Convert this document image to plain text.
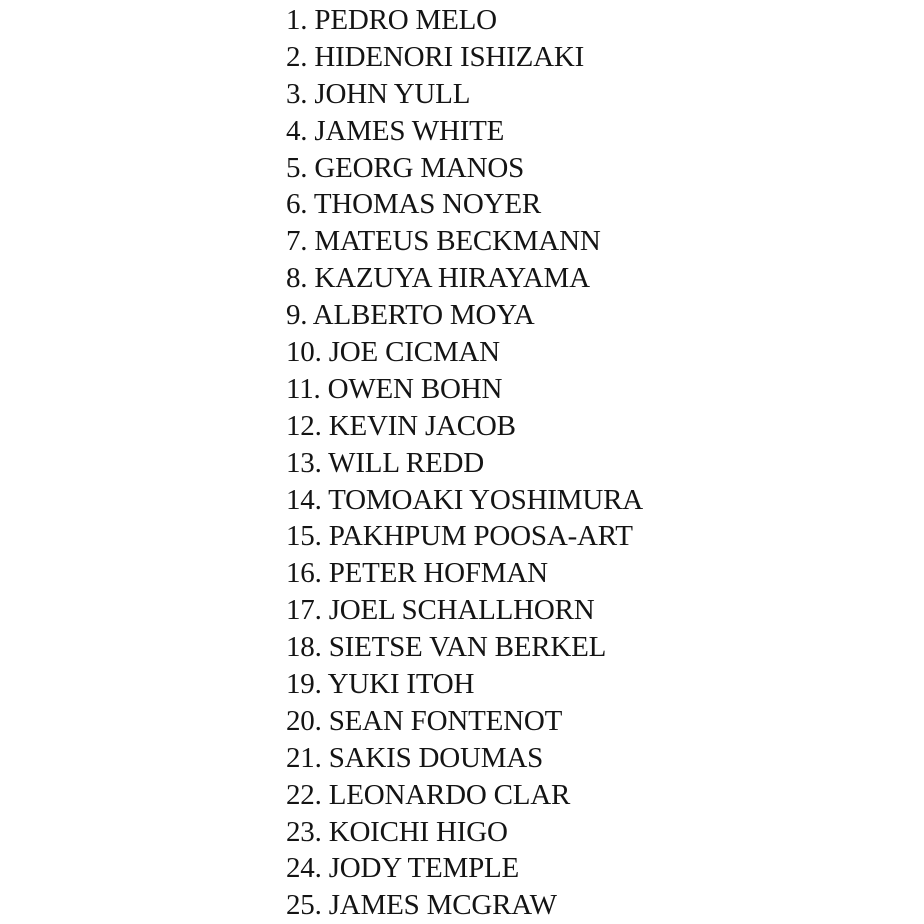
1. PEDRO MELO
2. HIDENORI ISHIZAKI
3. JOHN YULL
4. JAMES WHITE
5. GEORG MANOS
6. THOMAS NOYER
7. MATEUS BECKMANN
8. KAZUYA HIRAYAMA
9. ALBERTO MOYA
10. JOE CICMAN
11. OWEN BOHN
12. KEVIN JACOB
13. WILL REDD
14. TOMOAKI YOSHIMURA
15. PAKHPUM POOSA-ART
16. PETER HOFMAN
17. JOEL SCHALLHORN
18. SIETSE VAN BERKEL
19. YUKI ITOH
20. SEAN FONTENOT
21. SAKIS DOUMAS
22. LEONARDO CLAR
23. KOICHI HIGO
24. JODY TEMPLE
25. JAMES MCGRAW
